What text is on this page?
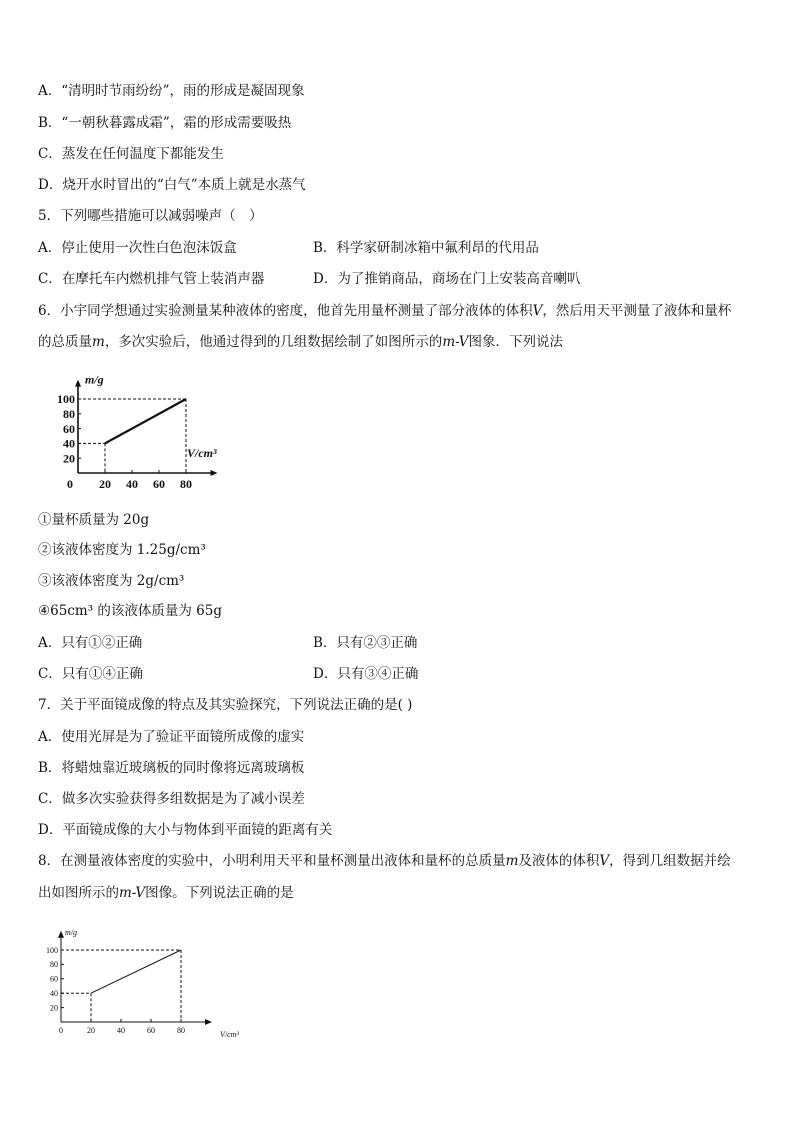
A．“清明时节雨纷纷”，雨的形成是凝固现象
B．“一朝秋暮露成霜”，霜的形成需要吸热
C．蒸发在任何温度下都能发生
D．烧开水时冒出的“白气”本质上就是水蒸气
5．下列哪些措施可以减弱噪声（　）
A．停止使用一次性白色泡沫饭盒	B．科学家研制冰箱中氟利昂的代用品
C．在摩托车内燃机排气管上装消声器	D．为了推销商品，商场在门上安装高音喇叭
6．小宇同学想通过实验测量某种液体的密度，他首先用量杯测量了部分液体的体积V，然后用天平测量了液体和量杯
的总质量m，多次实验后，他通过得到的几组数据绘制了如图所示的m-V图象．下列说法
20
40
60
80
100
0 20 40 60 80
m/g
V/cm³
①量杯质量为 20g
②该液体密度为 1.25g/cm³
③该液体密度为 2g/cm³
④65cm³ 的该液体质量为 65g
A．只有①②正确	B．只有②③正确
C．只有①④正确	D．只有③④正确
7．关于平面镜成像的特点及其实验探究，下列说法正确的是( )
A．使用光屏是为了验证平面镜所成像的虚实
B．将蜡烛靠近玻璃板的同时像将远离玻璃板
C．做多次实验获得多组数据是为了减小误差
D．平面镜成像的大小与物体到平面镜的距离有关
8．在测量液体密度的实验中，小明利用天平和量杯测量出液体和量杯的总质量m及液体的体积V，得到几组数据并绘
出如图所示的m-V图像。下列说法正确的是
20
40
60
80
100
0	20	40	60	80
m/g
V/cm³
